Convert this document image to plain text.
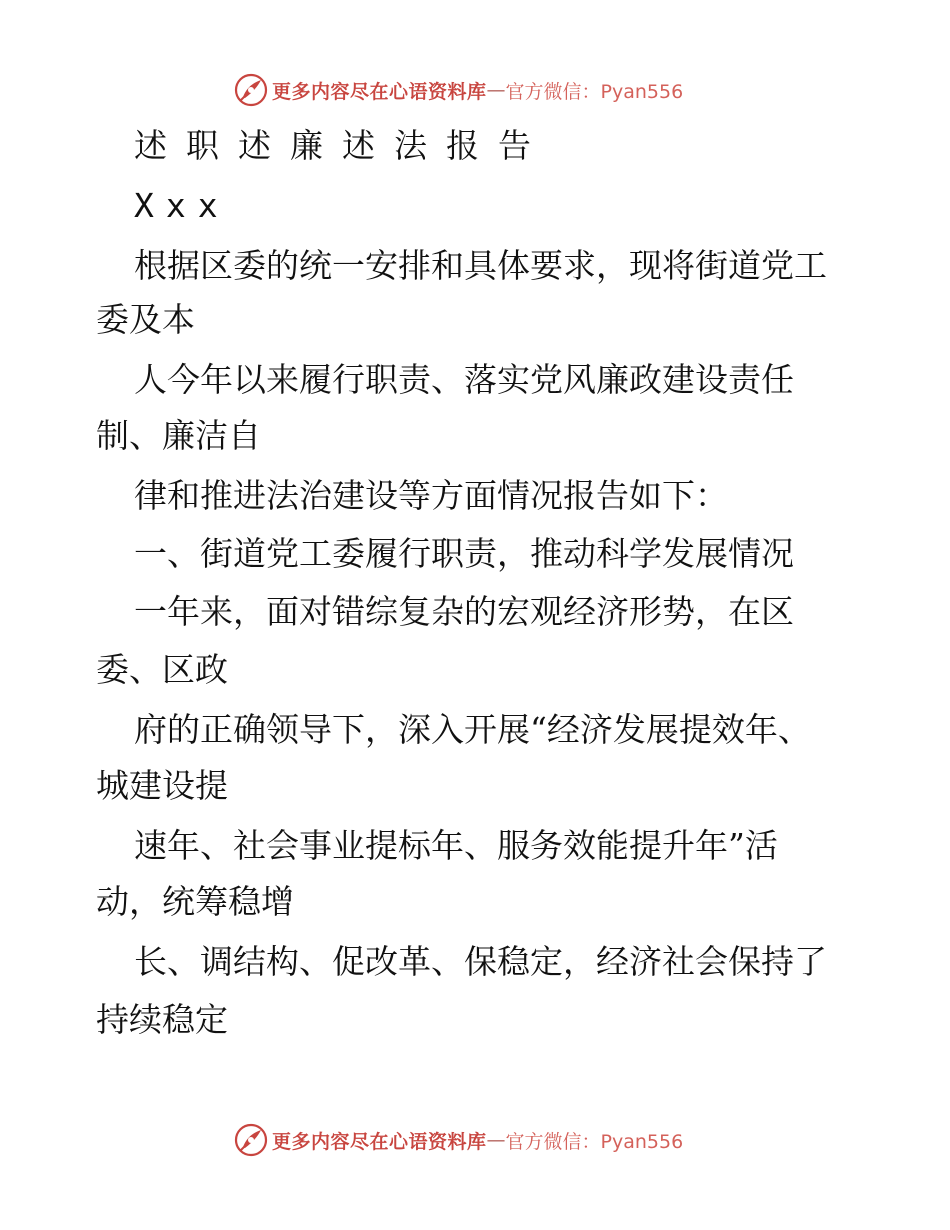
更多内容尽在心语资料库 — 官方微信：Pyan556
述职述廉述法报告
Xxx
根据区委的统一安排和具体要求，现将街道党工
委及本
人今年以来履行职责、落实党风廉政建设责任
制、廉洁自
律和推进法治建设等方面情况报告如下：
一、街道党工委履行职责，推动科学发展情况
一年来，面对错综复杂的宏观经济形势，在区
委、区政
府的正确领导下，深入开展“经济发展提效年、
城建设提
速年、社会事业提标年、服务效能提升年”活
动，统筹稳增
长、调结构、促改革、保稳定，经济社会保持了
持续稳定
更多内容尽在心语资料库 — 官方微信：Pyan556
